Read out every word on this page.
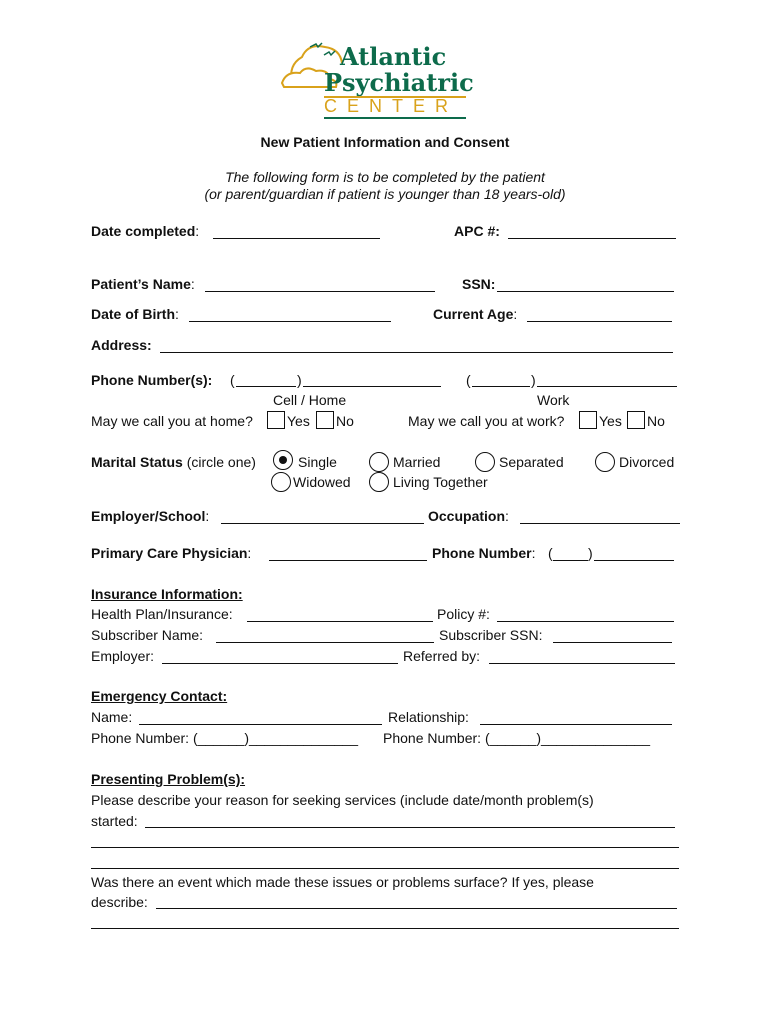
Atlantic
Psychiatric
CENTER
New Patient Information and Consent
The following form is to be completed by the patient
(or parent/guardian if patient is younger than 18 years-old)
Date completed:	APC #:
Patient’s Name:	SSN:
Date of Birth:	Current Age:
Address:
Phone Number(s): (	)	(	)
Cell / Home	Work
May we call you at home? Yes No	May we call you at work? Yes No
Marital Status (circle one)	Single	Married	Separated	Divorced
Widowed	Living Together
Employer/School:	Occupation:
Primary Care Physician:	Phone Number: (	)
Insurance Information:
Health Plan/Insurance:	Policy #:
Subscriber Name:	Subscriber SSN:
Employer:	Referred by:
Emergency Contact:
Name:	Relationship:
Phone Number: (______)______________ Phone Number: (______)______________
Presenting Problem(s):
Please describe your reason for seeking services (include date/month problem(s)
started:
Was there an event which made these issues or problems surface? If yes, please
describe:
